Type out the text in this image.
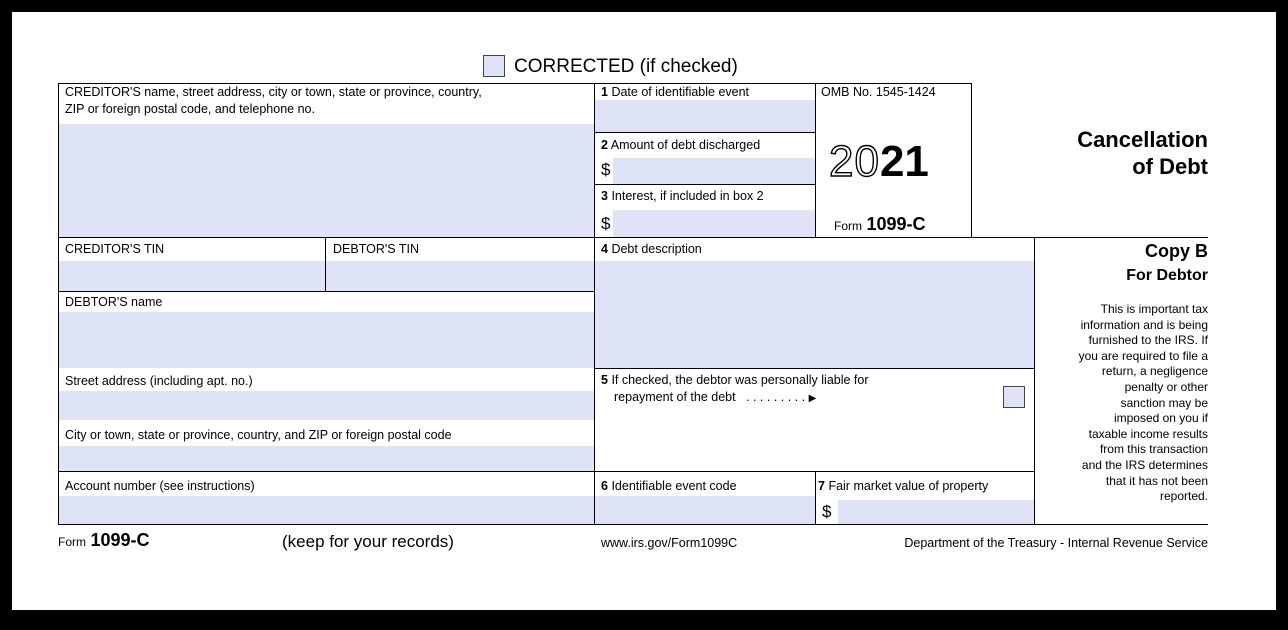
CORRECTED (if checked)
CREDITOR'S name, street address, city or town, state or province, country,
ZIP or foreign postal code, and telephone no.
1 Date of identifiable event
2 Amount of debt discharged
$
3 Interest, if included in box 2
$
OMB No. 1545-1424
2021
Form 1099-C
Cancellation
of Debt
CREDITOR'S TIN	DEBTOR'S TIN	4 Debt description	Copy B
For Debtor
This is important tax
information and is being
furnished to the IRS. If
you are required to file a
return, a negligence
penalty or other
sanction may be
imposed on you if
taxable income results
from this transaction
and the IRS determines
that it has not been
reported.
DEBTOR'S name
Street address (including apt. no.)
City or town, state or province, country, and ZIP or foreign postal code
5 If checked, the debtor was personally liable for
repayment of the debt . . . . . . . . . ▶
Account number (see instructions)	6 Identifiable event code	7 Fair market value of property
$
Form 1099-C	(keep for your records)	www.irs.gov/Form1099C	Department of the Treasury - Internal Revenue Service
